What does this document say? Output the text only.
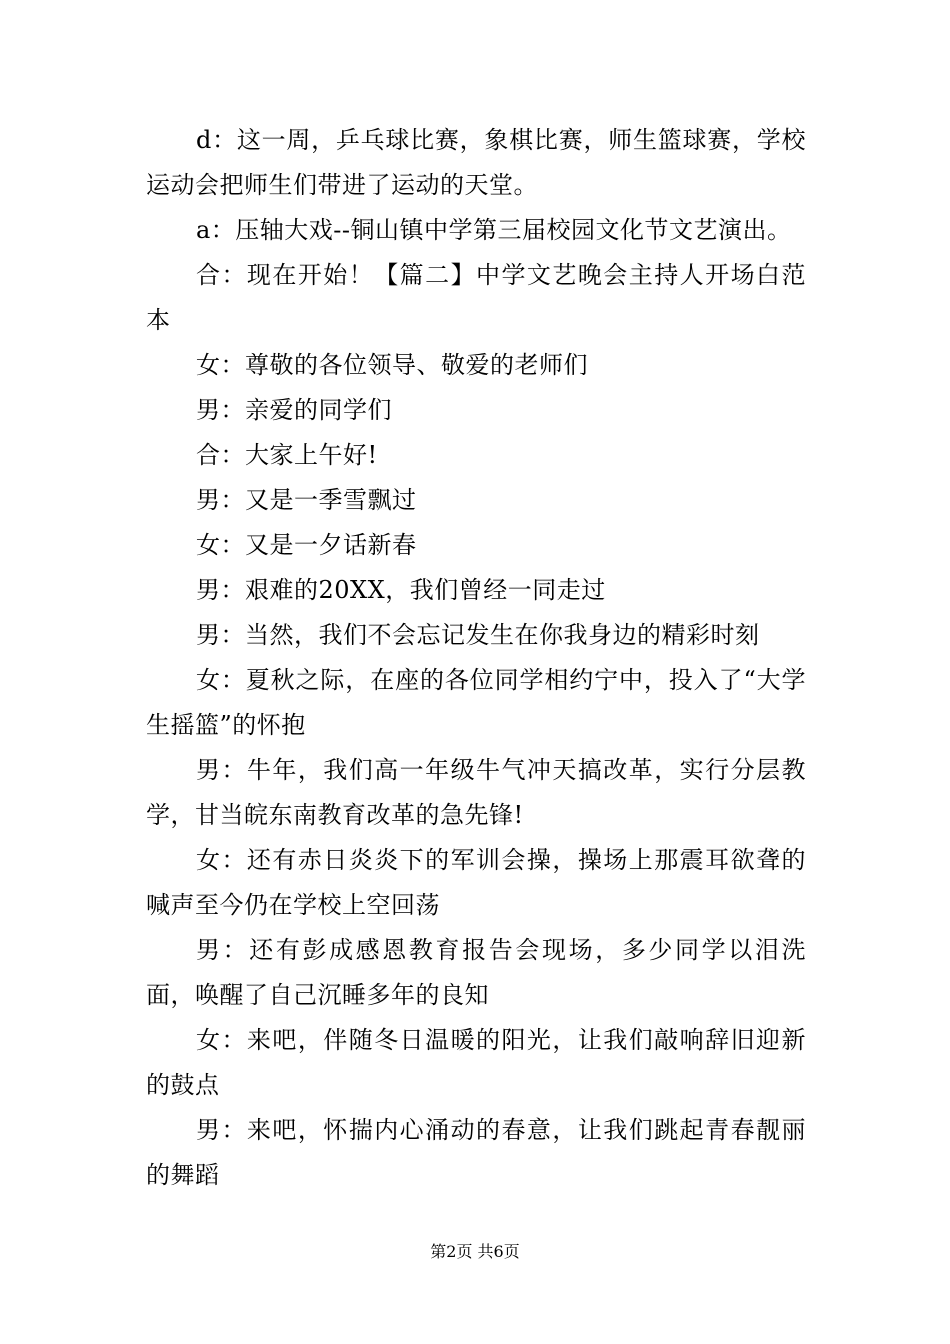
d：这一周，乒乓球比赛，象棋比赛，师生篮球赛，学校运动会把师生们带进了运动的天堂。

a：压轴大戏--铜山镇中学第三届校园文化节文艺演出。

合：现在开始！【篇二】中学文艺晚会主持人开场白范本

女：尊敬的各位领导、敬爱的老师们

男：亲爱的同学们

合：大家上午好!

男：又是一季雪飘过

女：又是一夕话新春

男：艰难的20XX，我们曾经一同走过

男：当然，我们不会忘记发生在你我身边的精彩时刻

女：夏秋之际，在座的各位同学相约宁中，投入了“大学生摇篮”的怀抱

男：牛年，我们高一年级牛气冲天搞改革，实行分层教学，甘当皖东南教育改革的急先锋!

女：还有赤日炎炎下的军训会操，操场上那震耳欲聋的喊声至今仍在学校上空回荡

男：还有彭成感恩教育报告会现场，多少同学以泪洗面，唤醒了自己沉睡多年的良知

女：来吧，伴随冬日温暖的阳光，让我们敲响辞旧迎新的鼓点

男：来吧，怀揣内心涌动的春意，让我们跳起青春靓丽的舞蹈

第2页 共6页
